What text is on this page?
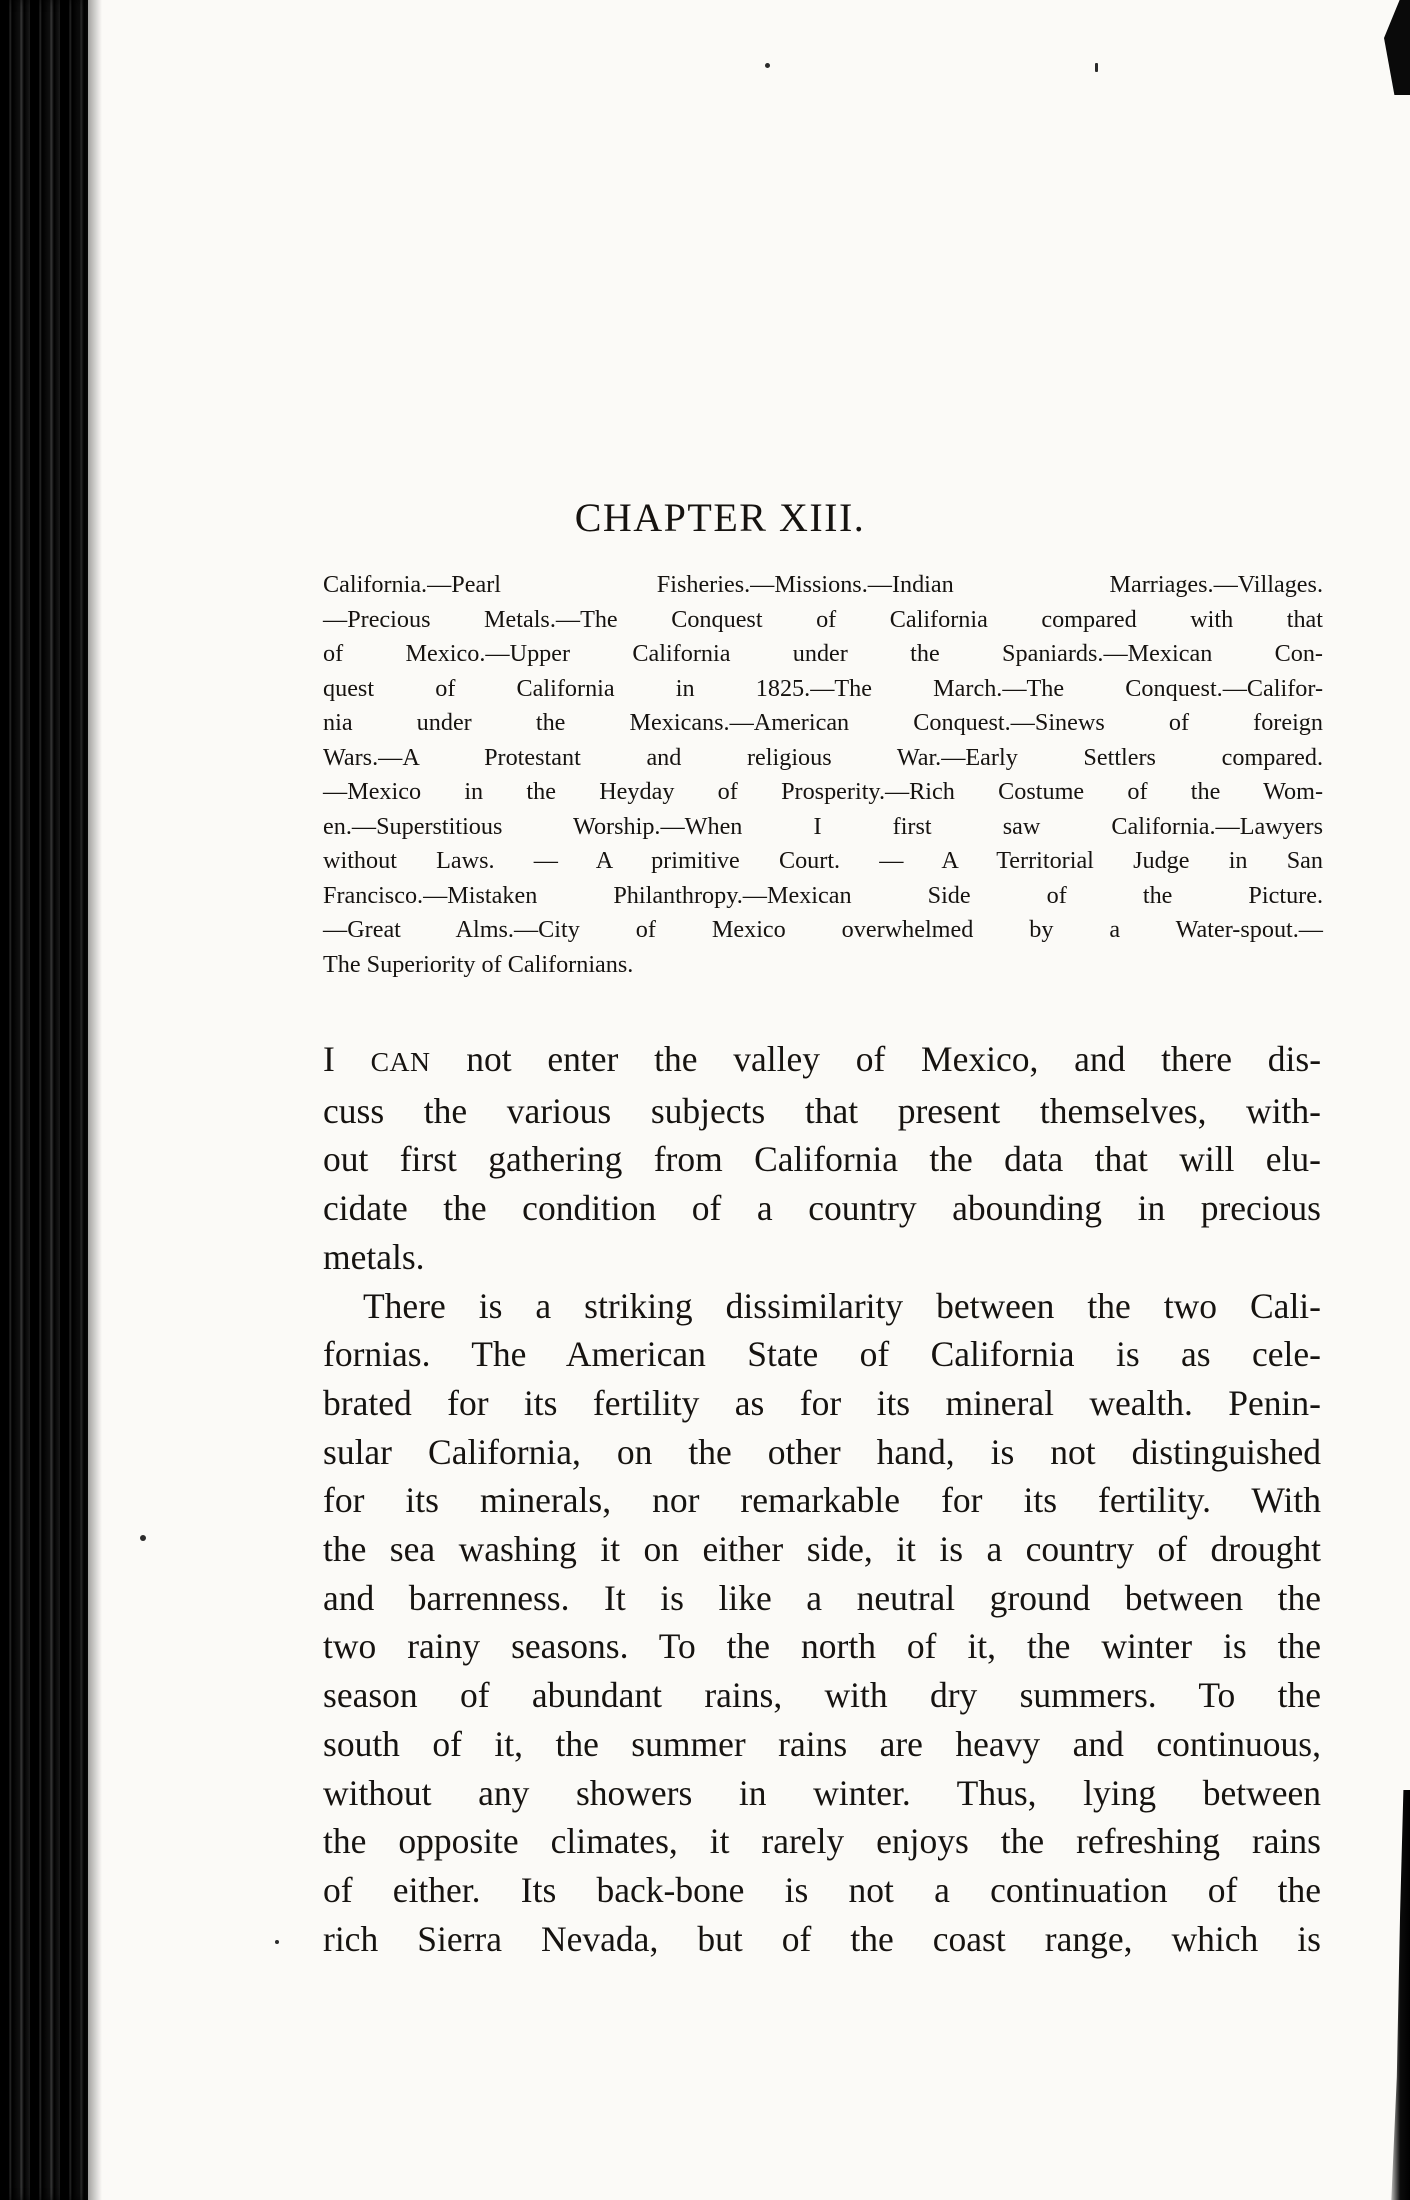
CHAPTER XIII.
California.—Pearl Fisheries.—Missions.—Indian Marriages.—Villages.
—Precious Metals.—The Conquest of California compared with that
of Mexico.—Upper California under the Spaniards.—Mexican Con-
quest of California in 1825.—The March.—The Conquest.—Califor-
nia under the Mexicans.—American Conquest.—Sinews of foreign
Wars.—A Protestant and religious War.—Early Settlers compared.
—Mexico in the Heyday of Prosperity.—Rich Costume of the Wom-
en.—Superstitious Worship.—When I first saw California.—Lawyers
without Laws. — A primitive Court. — A Territorial Judge in San
Francisco.—Mistaken Philanthropy.—Mexican Side of the Picture.
—Great Alms.—City of Mexico overwhelmed by a Water-spout.—
The Superiority of Californians.
I CAN not enter the valley of Mexico, and there dis-
cuss the various subjects that present themselves, with-
out first gathering from California the data that will elu-
cidate the condition of a country abounding in precious
metals.
There is a striking dissimilarity between the two Cali-
fornias. The American State of California is as cele-
brated for its fertility as for its mineral wealth. Penin-
sular California, on the other hand, is not distinguished
for its minerals, nor remarkable for its fertility. With
the sea washing it on either side, it is a country of drought
and barrenness. It is like a neutral ground between the
two rainy seasons. To the north of it, the winter is the
season of abundant rains, with dry summers. To the
south of it, the summer rains are heavy and continuous,
without any showers in winter. Thus, lying between
the opposite climates, it rarely enjoys the refreshing rains
of either. Its back-bone is not a continuation of the
rich Sierra Nevada, but of the coast range, which is
